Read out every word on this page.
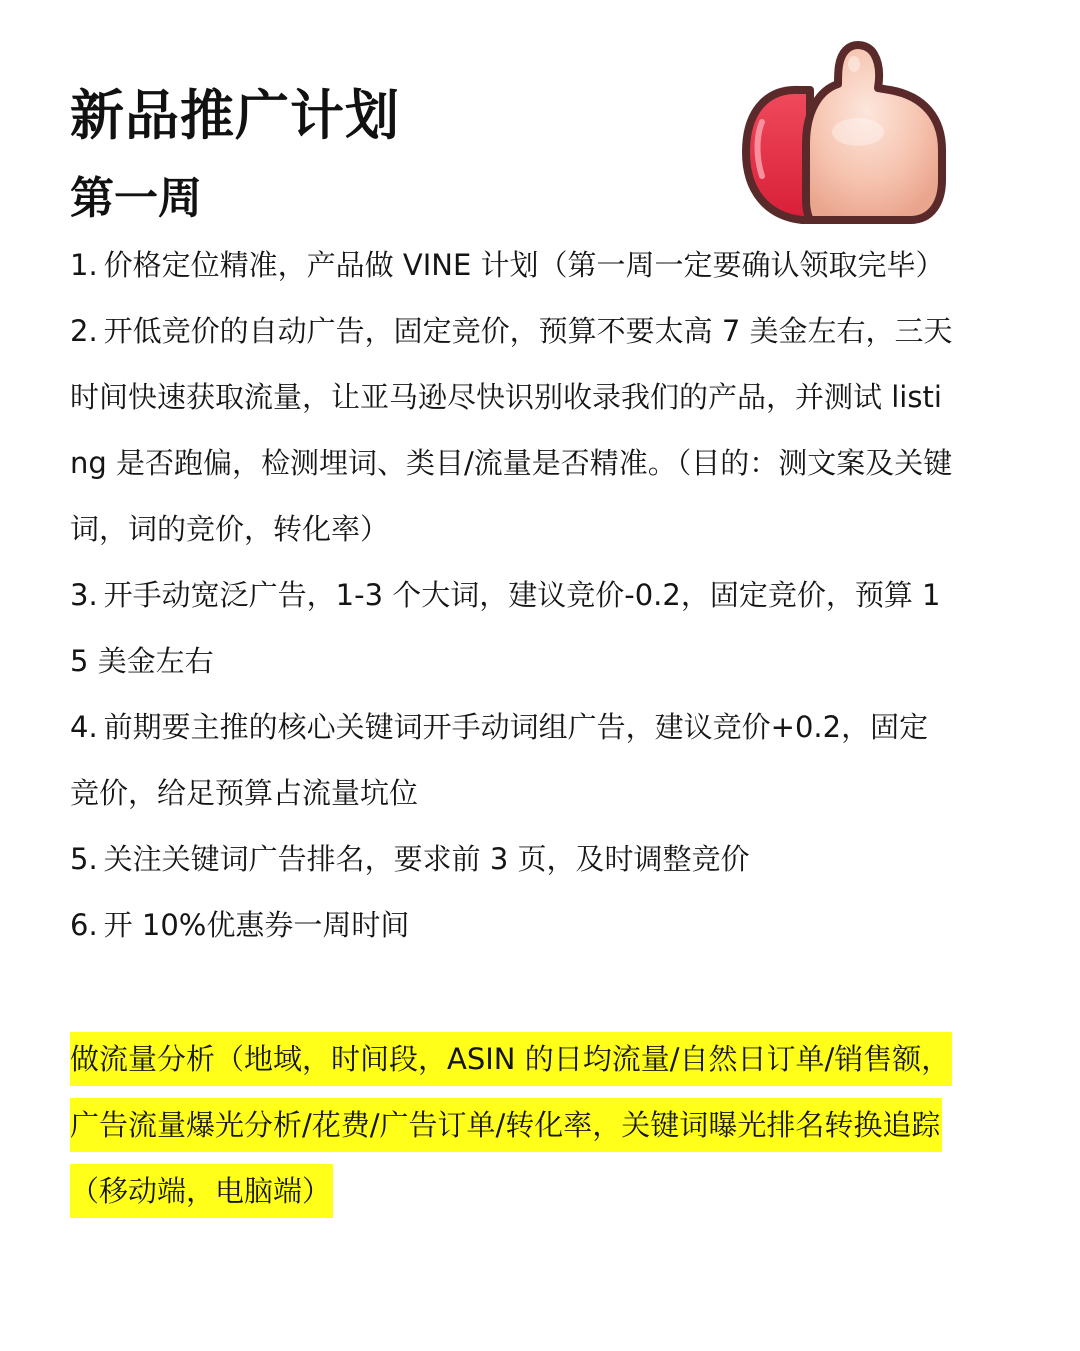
新品推广计划
第一周

1. 价格定位精准，产品做 VINE 计划（第一周一定要确认领取完毕）

2. 开低竞价的自动广告，固定竞价，预算不要太高 7 美金左右，三天时间快速获取流量，让亚马逊尽快识别收录我们的产品，并测试 listing 是否跑偏，检测埋词、类目/流量是否精准。（目的：测文案及关键词，词的竞价，转化率）

3. 开手动宽泛广告，1-3 个大词，建议竞价-0.2，固定竞价，预算 15 美金左右

4. 前期要主推的核心关键词开手动词组广告，建议竞价+0.2，固定竞价，给足预算占流量坑位

5. 关注关键词广告排名，要求前 3 页，及时调整竞价

6. 开 10%优惠券一周时间

做流量分析（地域，时间段，ASIN 的日均流量/自然日订单/销售额，广告流量爆光分析/花费/广告订单/转化率，关键词曝光排名转换追踪（移动端，电脑端）
